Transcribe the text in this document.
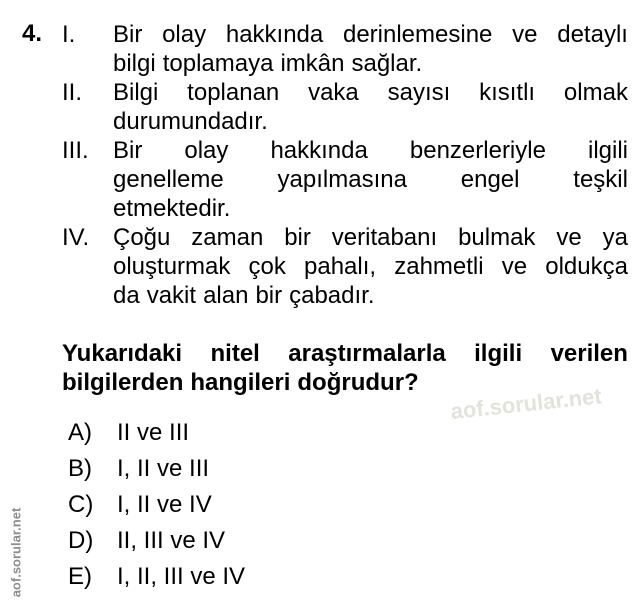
4. I.	Bir olay hakkında derinlemesine ve detaylı
bilgi toplamaya imkân sağlar.
II.	Bilgi toplanan vaka sayısı kısıtlı olmak
durumundadır.
III.	Bir olay hakkında benzerleriyle ilgili
genelleme yapılmasına engel teşkil
etmektedir.
IV. Çoğu zaman bir veritabanı bulmak ve ya
oluşturmak çok pahalı, zahmetli ve oldukça
da vakit alan bir çabadır.
Yukarıdaki nitel araştırmalarla ilgili verilen
bilgilerden hangileri doğrudur?
A)	II ve III
B)	I, II ve III
C) I, II ve IV
D) II, III ve IV
E)	I, II, III ve IV
aof.sorular.net
aof.sorular.net
